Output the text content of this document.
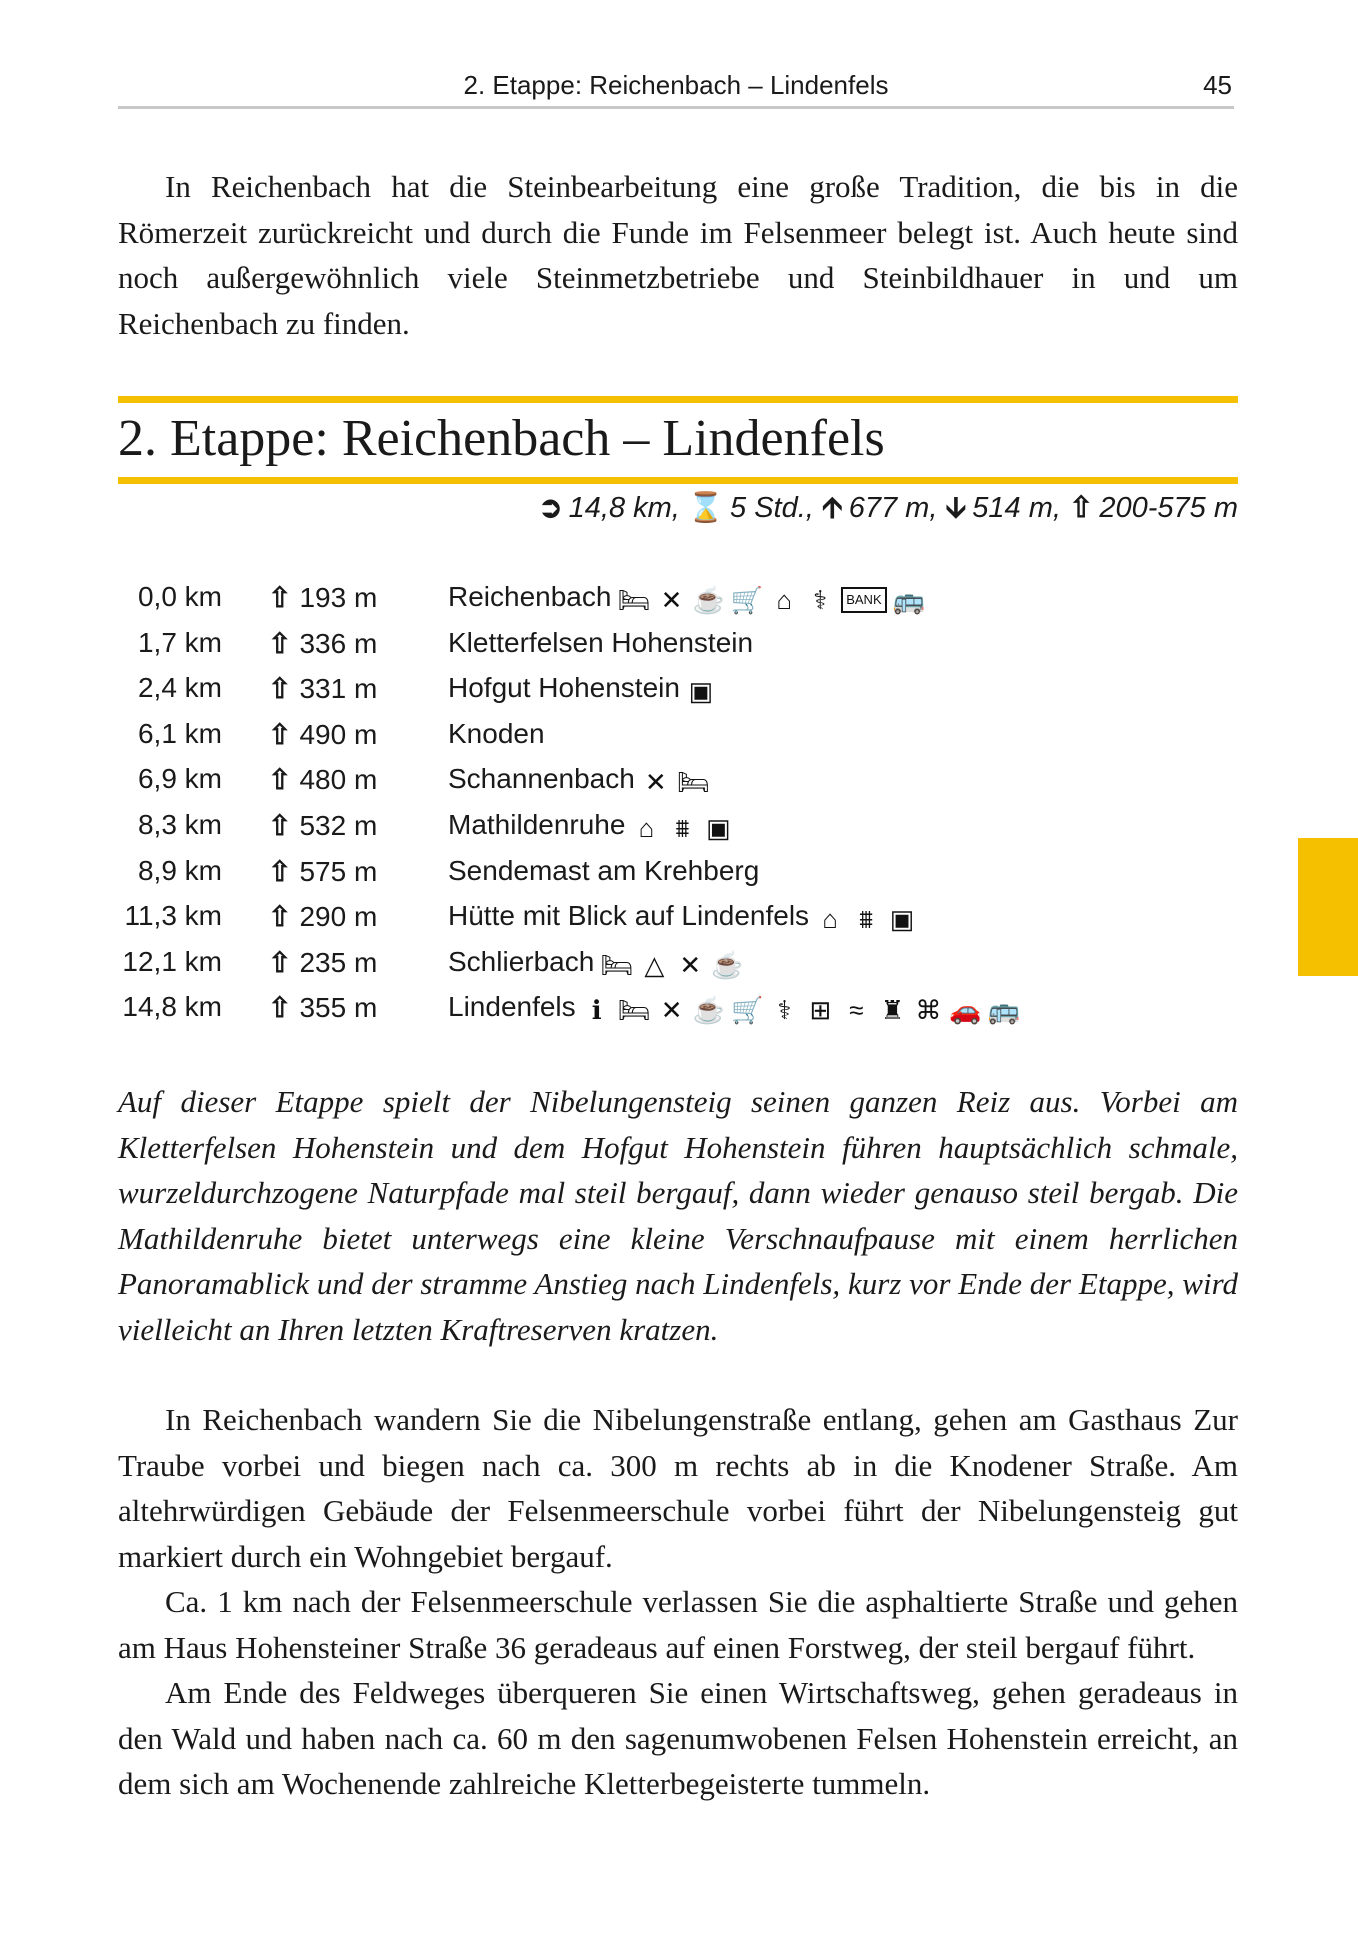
2. Etappe: Reichenbach – Lindenfels	45

In Reichenbach hat die Steinbearbeitung eine große Tradition, die bis in die Römerzeit zurückreicht und durch die Funde im Felsenmeer belegt ist. Auch heute sind noch außergewöhnlich viele Steinmetzbetriebe und Steinbildhauer in und um Reichenbach zu finden.

2. Etappe: Reichenbach – Lindenfels
➲ 14,8 km, ⌛ 5 Std., 🡩 677 m, 🡫 514 m, ⇧ 200-575 m
0,0 km ⇧ 193 m	Reichenbach 🛏 ✕ ☕ 🛒 ⌂ ⚕ BANK 🚌
1,7 km ⇧ 336 m	Kletterfelsen Hohenstein
2,4 km ⇧ 331 m	Hofgut Hohenstein ▣
6,1 km ⇧ 490 m	Knoden
6,9 km ⇧ 480 m	Schannenbach ✕ 🛏
8,3 km ⇧ 532 m	Mathildenruhe ⌂ ⩩ ▣
8,9 km ⇧ 575 m	Sendemast am Krehberg
11,3 km ⇧ 290 m	Hütte mit Blick auf Lindenfels ⌂ ⩩ ▣
12,1 km ⇧ 235 m	Schlierbach 🛏 △ ✕ ☕
14,8 km ⇧ 355 m	Lindenfels ℹ 🛏 ✕ ☕ 🛒 ⚕ ⊞ ≈ ♜ ⌘ 🚗 🚌

Auf dieser Etappe spielt der Nibelungensteig seinen ganzen Reiz aus. Vorbei am Kletterfelsen Hohenstein und dem Hofgut Hohenstein führen hauptsächlich schmale, wurzeldurchzogene Naturpfade mal steil bergauf, dann wieder genauso steil bergab. Die Mathildenruhe bietet unterwegs eine kleine Verschnaufpause mit einem herrlichen Panoramablick und der stramme Anstieg nach Lindenfels, kurz vor Ende der Etappe, wird vielleicht an Ihren letzten Kraftreserven kratzen.

In Reichenbach wandern Sie die Nibelungenstraße entlang, gehen am Gasthaus Zur Traube vorbei und biegen nach ca. 300 m rechts ab in die Knodener Straße. Am altehrwürdigen Gebäude der Felsenmeerschule vorbei führt der Nibelungensteig gut markiert durch ein Wohngebiet bergauf.

Ca. 1 km nach der Felsenmeerschule verlassen Sie die asphaltierte Straße und gehen am Haus Hohensteiner Straße 36 geradeaus auf einen Forstweg, der steil bergauf führt.

Am Ende des Feldweges überqueren Sie einen Wirtschaftsweg, gehen geradeaus in den Wald und haben nach ca. 60 m den sagenumwobenen Felsen Hohenstein erreicht, an dem sich am Wochenende zahlreiche Kletterbegeisterte tummeln.
